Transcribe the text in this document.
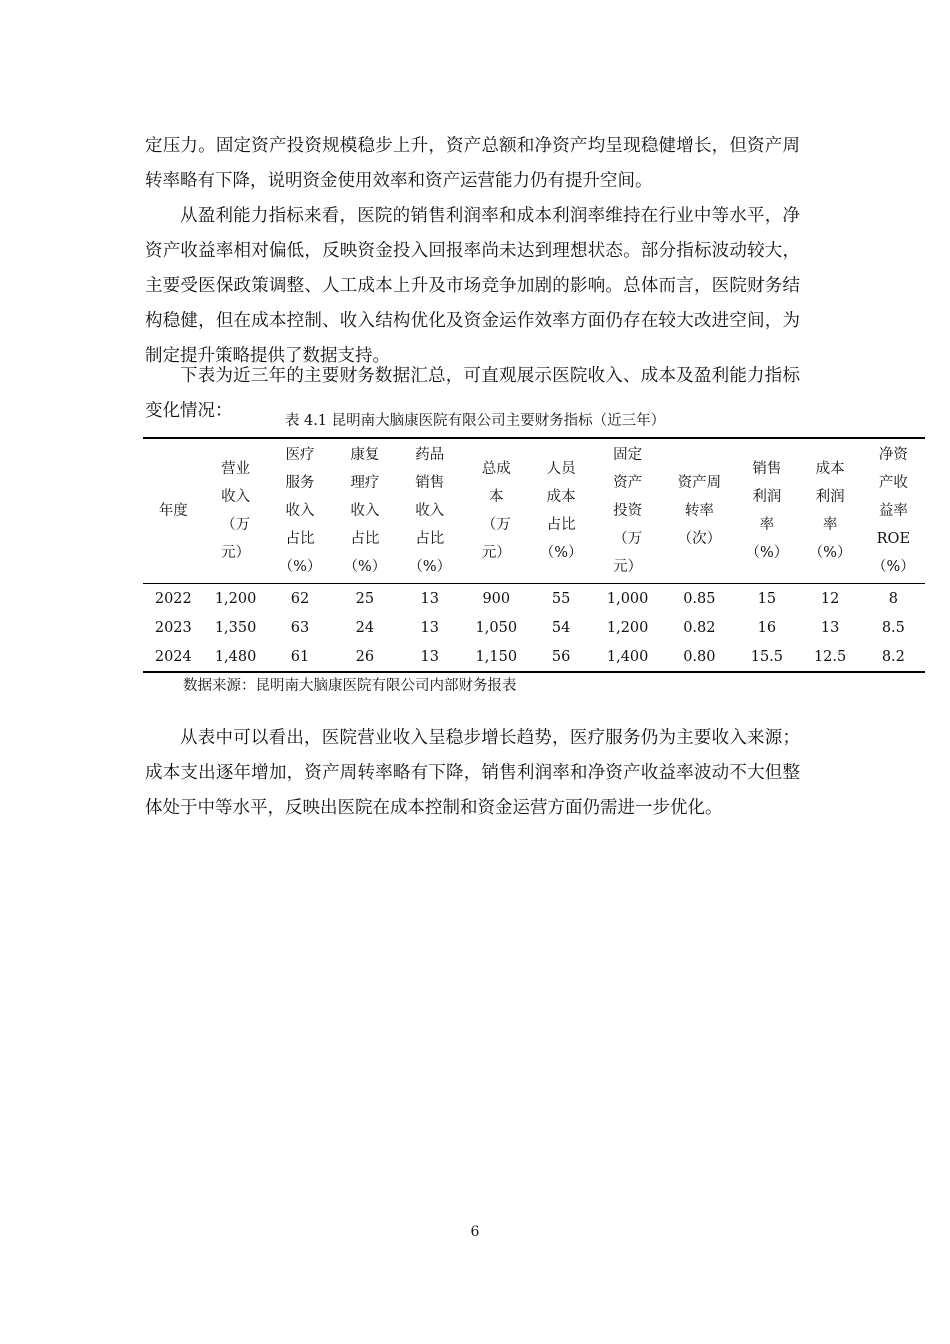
定压力。固定资产投资规模稳步上升，资产总额和净资产均呈现稳健增长，但资产周转率略有下降，说明资金使用效率和资产运营能力仍有提升空间。

从盈利能力指标来看，医院的销售利润率和成本利润率维持在行业中等水平，净资产收益率相对偏低，反映资金投入回报率尚未达到理想状态。部分指标波动较大，主要受医保政策调整、人工成本上升及市场竞争加剧的影响。总体而言，医院财务结构稳健，但在成本控制、收入结构优化及资金运作效率方面仍存在较大改进空间，为制定提升策略提供了数据支持。

下表为近三年的主要财务数据汇总，可直观展示医院收入、成本及盈利能力指标变化情况：

表 4.1 昆明南大脑康医院有限公司主要财务指标（近三年）
年度	营业
收入
（万
元）	医疗
服务
收入
占比
（%）	康复
理疗
收入
占比
（%）	药品
销售
收入
占比
（%）	总成
本
（万
元）	人员
成本
占比
（%）	固定
资产
投资
（万
元）	资产周
转率
（次）	销售
利润
率
（%）	成本
利润
率
（%）	净资
产收
益率
ROE
（%）

2022	1,200	62	25	13	900	55	1,000	0.85	15	12	8
2023	1,350	63	24	13	1,050	54	1,200	0.82	16	13	8.5
2024	1,480	61	26	13	1,150	56	1,400	0.80	15.5	12.5	8.2
数据来源：昆明南大脑康医院有限公司内部财务报表

从表中可以看出，医院营业收入呈稳步增长趋势，医疗服务仍为主要收入来源；成本支出逐年增加，资产周转率略有下降，销售利润率和净资产收益率波动不大但整体处于中等水平，反映出医院在成本控制和资金运营方面仍需进一步优化。

6
